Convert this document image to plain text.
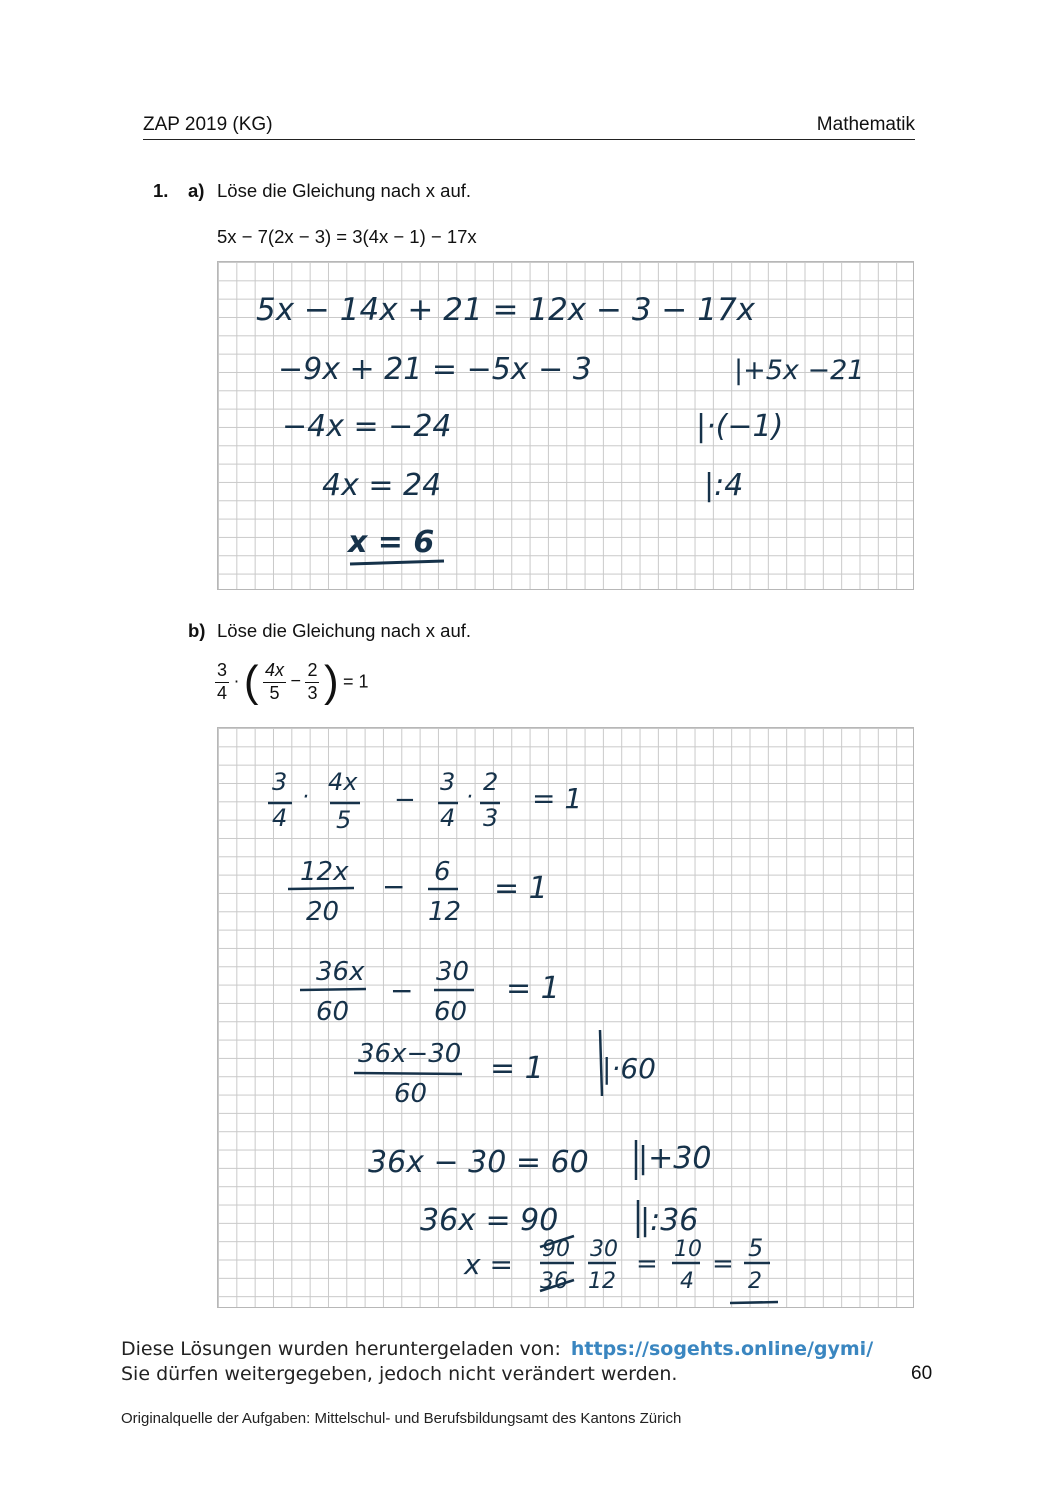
ZAP 2019 (KG)	Mathematik
1. a) Löse die Gleichung nach x auf.
5x − 7(2x − 3) = 3(4x − 1) − 17x
5x − 14x + 21 = 12x − 3 − 17x
−9x + 21 = −5x − 3	|+5x −21
−4x = −24	|·(−1)
4x = 24	|:4
x = 6
b) Löse die Gleichung nach x auf.
$\frac{3}{4}$ · ( $\frac{4x}{5} - \frac{2}{3}$ ) = 1
3
4
·
4x
5
−
3
4
·
2
3
= 1
12x
20
− 6
12
= 1
36x
60
−
30
60
= 1
36x−30
60
= 1 |·60
36x − 30 = 60 |+30
36x = 90	|:36
x = 90
36
30
12
= 10
4
=
5
2
Diese Lösungen wurden heruntergeladen von: https://sogehts.online/gymi/
Sie dürfen weitergegeben, jedoch nicht verändert werden.	60
Originalquelle der Aufgaben: Mittelschul- und Berufsbildungsamt des Kantons Zürich
